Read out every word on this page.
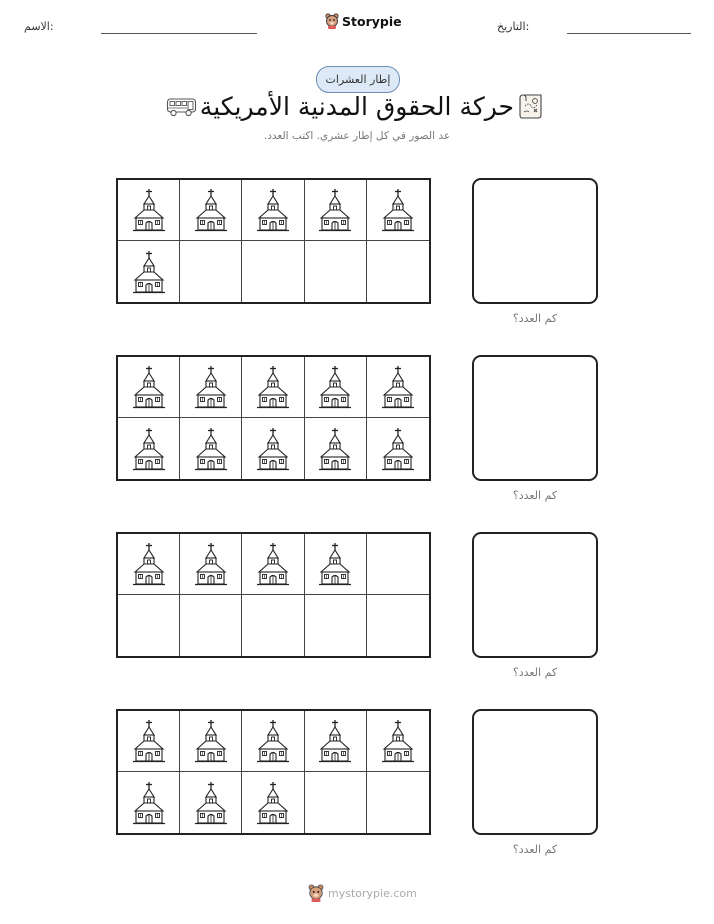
الاسم:	Storypie	التاريخ:
إطار العشرات
حركة الحقوق المدنية الأمريكية
عد الصور في كل إطار عشري. اكتب العدد.
كم العدد؟
كم العدد؟
كم العدد؟
كم العدد؟
mystorypie.com
